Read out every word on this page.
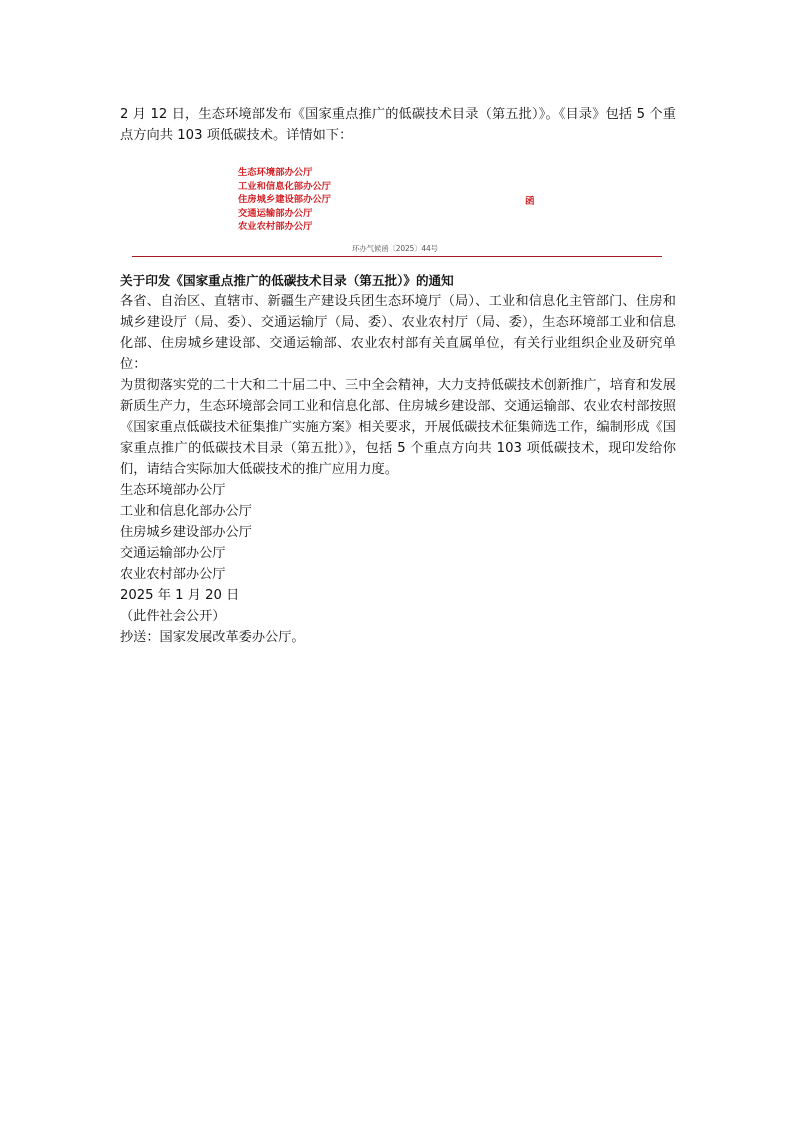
2 月 12 日，生态环境部发布《国家重点推广的低碳技术目录（第五批）》。《目录》包括 5 个重点方向共 103 项低碳技术。详情如下：

生态环境部办公厅
工业和信息化部办公厅
住房城乡建设部办公厅
交通运输部办公厅
农业农村部办公厅
函
环办气候函〔2025〕44号

关于印发《国家重点推广的低碳技术目录（第五批）》的通知

各省、自治区、直辖市、新疆生产建设兵团生态环境厅（局）、工业和信息化主管部门、住房和城乡建设厅（局、委）、交通运输厅（局、委）、农业农村厅（局、委），生态环境部工业和信息化部、住房城乡建设部、交通运输部、农业农村部有关直属单位，有关行业组织企业及研究单位：

为贯彻落实党的二十大和二十届二中、三中全会精神，大力支持低碳技术创新推广，培育和发展新质生产力，生态环境部会同工业和信息化部、住房城乡建设部、交通运输部、农业农村部按照《国家重点低碳技术征集推广实施方案》相关要求，开展低碳技术征集筛选工作，编制形成《国家重点推广的低碳技术目录（第五批）》，包括 5 个重点方向共 103 项低碳技术，现印发给你们，请结合实际加大低碳技术的推广应用力度。

生态环境部办公厅
工业和信息化部办公厅
住房城乡建设部办公厅
交通运输部办公厅
农业农村部办公厅
2025 年 1 月 20 日
（此件社会公开）
抄送：国家发展改革委办公厅。
